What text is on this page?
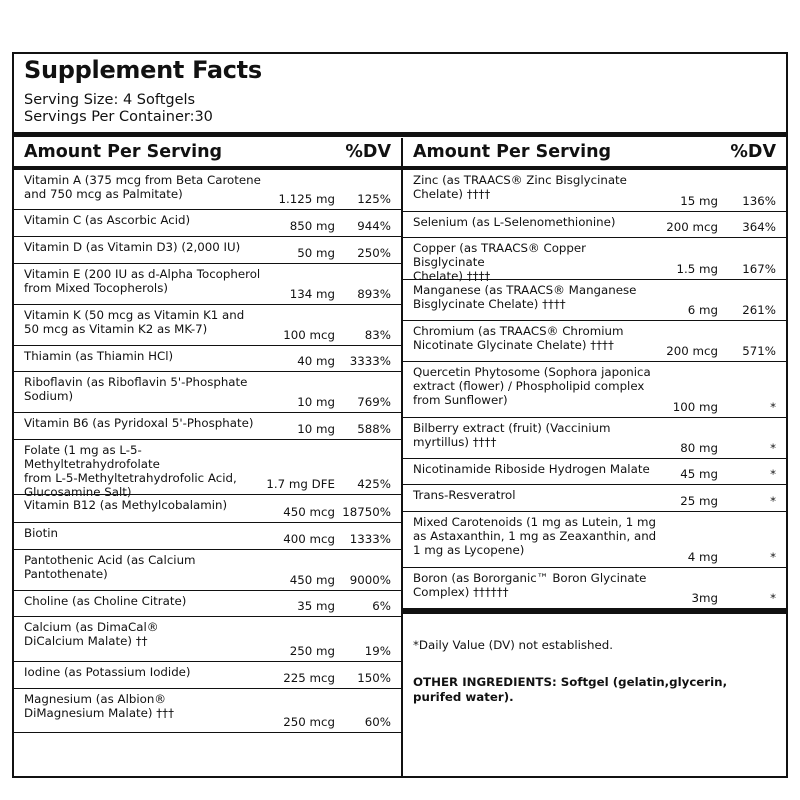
Supplement Facts
Serving Size: 4 Softgels
Servings Per Container:30
Amount Per Serving	%DV
Vitamin A (375 mcg from Beta Carotene
and 750 mcg as Palmitate)	1.125 mg 125%
Vitamin C (as Ascorbic Acid)	850 mg 944%
Vitamin D (as Vitamin D3) (2,000 IU)	50 mg 250%
Vitamin E (200 IU as d-Alpha Tocopherol
from Mixed Tocopherols)	134 mg 893%
Vitamin K (50 mcg as Vitamin K1 and
50 mcg as Vitamin K2 as MK-7)	100 mcg	83%
Thiamin (as Thiamin HCl)	40 mg 3333%
Riboflavin (as Riboflavin 5'-Phosphate
Sodium)	10 mg 769%
Vitamin B6 (as Pyridoxal 5'-Phosphate)	10 mg 588%
Folate (1 mg as L-5-Methyltetrahydrofolate
from L-5-Methyltetrahydrofolic Acid,
Glucosamine Salt)
1.7 mg DFE 425%
Vitamin B12 (as Methylcobalamin)	450 mcg 18750%
Biotin	400 mcg 1333%
Pantothenic Acid (as Calcium
Pantothenate)	450 mg 9000%
Choline (as Choline Citrate)	35 mg	6%
Calcium (as DimaCal®
DiCalcium Malate) ††
250 mg	19%
Iodine (as Potassium Iodide)	225 mcg 150%
Magnesium (as Albion®
DiMagnesium Malate) †††
250 mcg	60%
Amount Per Serving	%DV
Zinc (as TRAACS® Zinc Bisglycinate
Chelate) ††††	15 mg 136%
Selenium (as L-Selenomethionine)	200 mcg 364%
Copper (as TRAACS® Copper Bisglycinate
Chelate) ††††	1.5 mg 167%
Manganese (as TRAACS® Manganese
Bisglycinate Chelate) ††††	6 mg 261%
Chromium (as TRAACS® Chromium
Nicotinate Glycinate Chelate) ††††	200 mcg 571%
Quercetin Phytosome (Sophora japonica
extract (flower) / Phospholipid complex
from Sunflower)	100 mg	*
Bilberry extract (fruit) (Vaccinium
myrtillus) ††††	80 mg	*
Nicotinamide Riboside Hydrogen Malate	45 mg	*
Trans-Resveratrol	25 mg	*
Mixed Carotenoids (1 mg as Lutein, 1 mg
as Astaxanthin, 1 mg as Zeaxanthin, and
1 mg as Lycopene)	4 mg	*
Boron (as Bororganic™ Boron Glycinate
Complex) ††††††	3mg	*
*Daily Value (DV) not established.
OTHER INGREDIENTS: Softgel (gelatin,glycerin, purifed water).
